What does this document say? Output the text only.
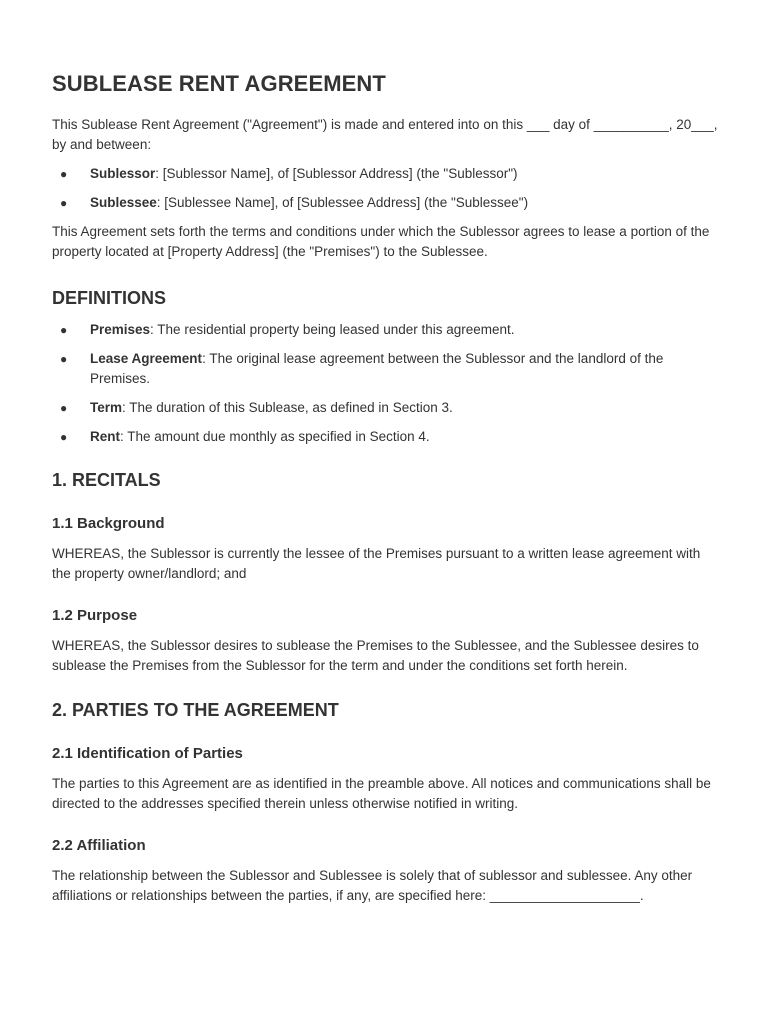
SUBLEASE RENT AGREEMENT

This Sublease Rent Agreement ("Agreement") is made and entered into on this ___ day of __________, 20___, by and between:

● Sublessor: [Sublessor Name], of [Sublessor Address] (the "Sublessor")
● Sublessee: [Sublessee Name], of [Sublessee Address] (the "Sublessee")

This Agreement sets forth the terms and conditions under which the Sublessor agrees to lease a portion of the property located at [Property Address] (the "Premises") to the Sublessee.

DEFINITIONS
● Premises: The residential property being leased under this agreement.
● Lease Agreement: The original lease agreement between the Sublessor and the landlord of the Premises.
● Term: The duration of this Sublease, as defined in Section 3.
● Rent: The amount due monthly as specified in Section 4.
1. RECITALS
1.1 Background

WHEREAS, the Sublessor is currently the lessee of the Premises pursuant to a written lease agreement with the property owner/landlord; and

1.2 Purpose

WHEREAS, the Sublessor desires to sublease the Premises to the Sublessee, and the Sublessee desires to sublease the Premises from the Sublessor for the term and under the conditions set forth herein.

2. PARTIES TO THE AGREEMENT
2.1 Identification of Parties

The parties to this Agreement are as identified in the preamble above. All notices and communications shall be directed to the addresses specified therein unless otherwise notified in writing.

2.2 Affiliation

The relationship between the Sublessor and Sublessee is solely that of sublessor and sublessee. Any other affiliations or relationships between the parties, if any, are specified here: ____________________.
